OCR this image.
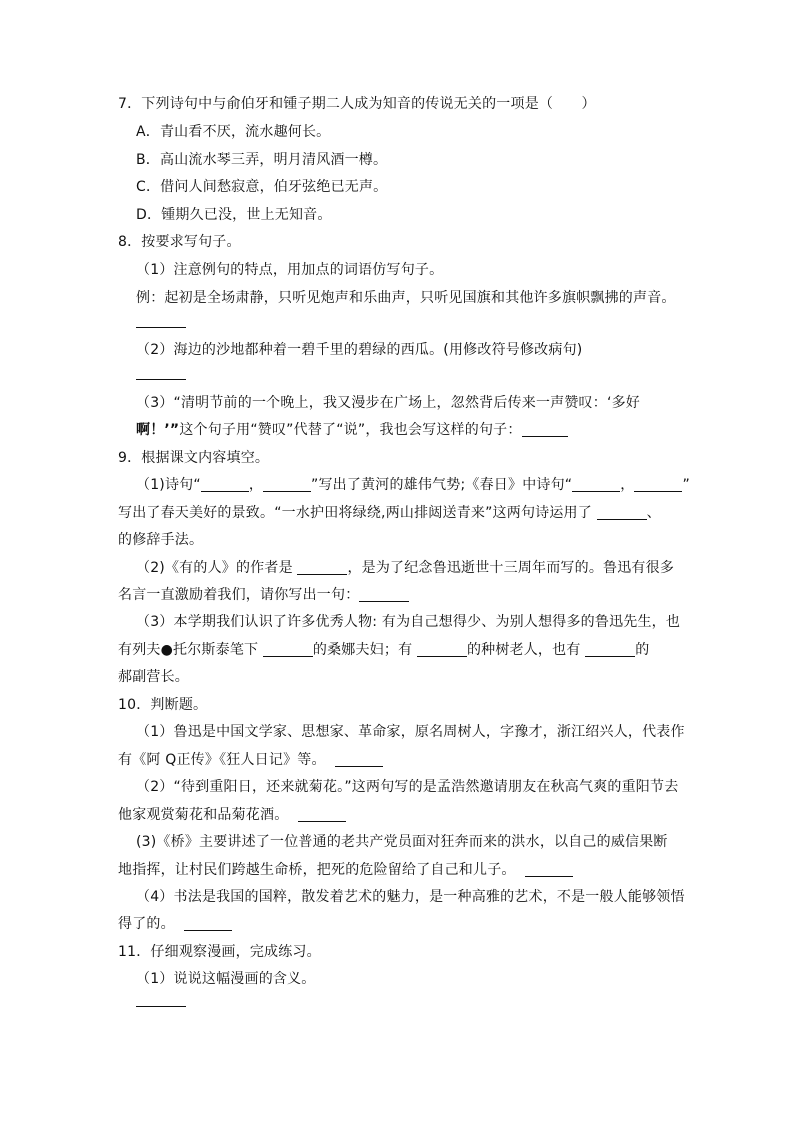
7．下列诗句中与俞伯牙和锺子期二人成为知音的传说无关的一项是（　　）
A．青山看不厌，流水趣何长。
B．高山流水琴三弄，明月清风酒一樽。
C．借问人间愁寂意，伯牙弦绝已无声。
D．锺期久已没，世上无知音。
8．按要求写句子。
（1）注意例句的特点，用加点的词语仿写句子。
例：起初是全场肃静，只听见炮声和乐曲声，只听见国旗和其他许多旗帜飘拂的声音。
（2）海边的沙地都种着一碧千里的碧绿的西瓜。(用修改符号修改病句)
（3）“清明节前的一个晚上，我又漫步在广场上，忽然背后传来一声赞叹：‘多好
啊！’”这个句子用“赞叹”代替了“说”，我也会写这样的句子：
9．根据课文内容填空。
（1)诗句“	，	”写出了黄河的雄伟气势;《春日》中诗句“	，	”
写出了春天美好的景致。“一水护田将绿绕,两山排闼送青来”这两句诗运用了	、
的修辞手法。
（2)《有的人》的作者是	，是为了纪念鲁迅逝世十三周年而写的。鲁迅有很多
名言一直激励着我们，请你写出一句：
（3）本学期我们认识了许多优秀人物: 有为自己想得少、为别人想得多的鲁迅先生，也
有列夫●托尔斯泰笔下	的桑娜夫妇；有	的种树老人，也有	的
郝副营长。
10．判断题。
（1）鲁迅是中国文学家、思想家、革命家，原名周树人，字豫才，浙江绍兴人，代表作
有《阿 Q正传》《狂人日记》等。
（2）“待到重阳日，还来就菊花。”这两句写的是孟浩然邀请朋友在秋高气爽的重阳节去
他家观赏菊花和品菊花酒。
(3)《桥》主要讲述了一位普通的老共产党员面对狂奔而来的洪水，以自己的威信果断
地指挥，让村民们跨越生命桥，把死的危险留给了自己和儿子。
（4）书法是我国的国粹，散发着艺术的魅力，是一种高雅的艺术，不是一般人能够领悟
得了的。
11．仔细观察漫画，完成练习。
（1）说说这幅漫画的含义。
